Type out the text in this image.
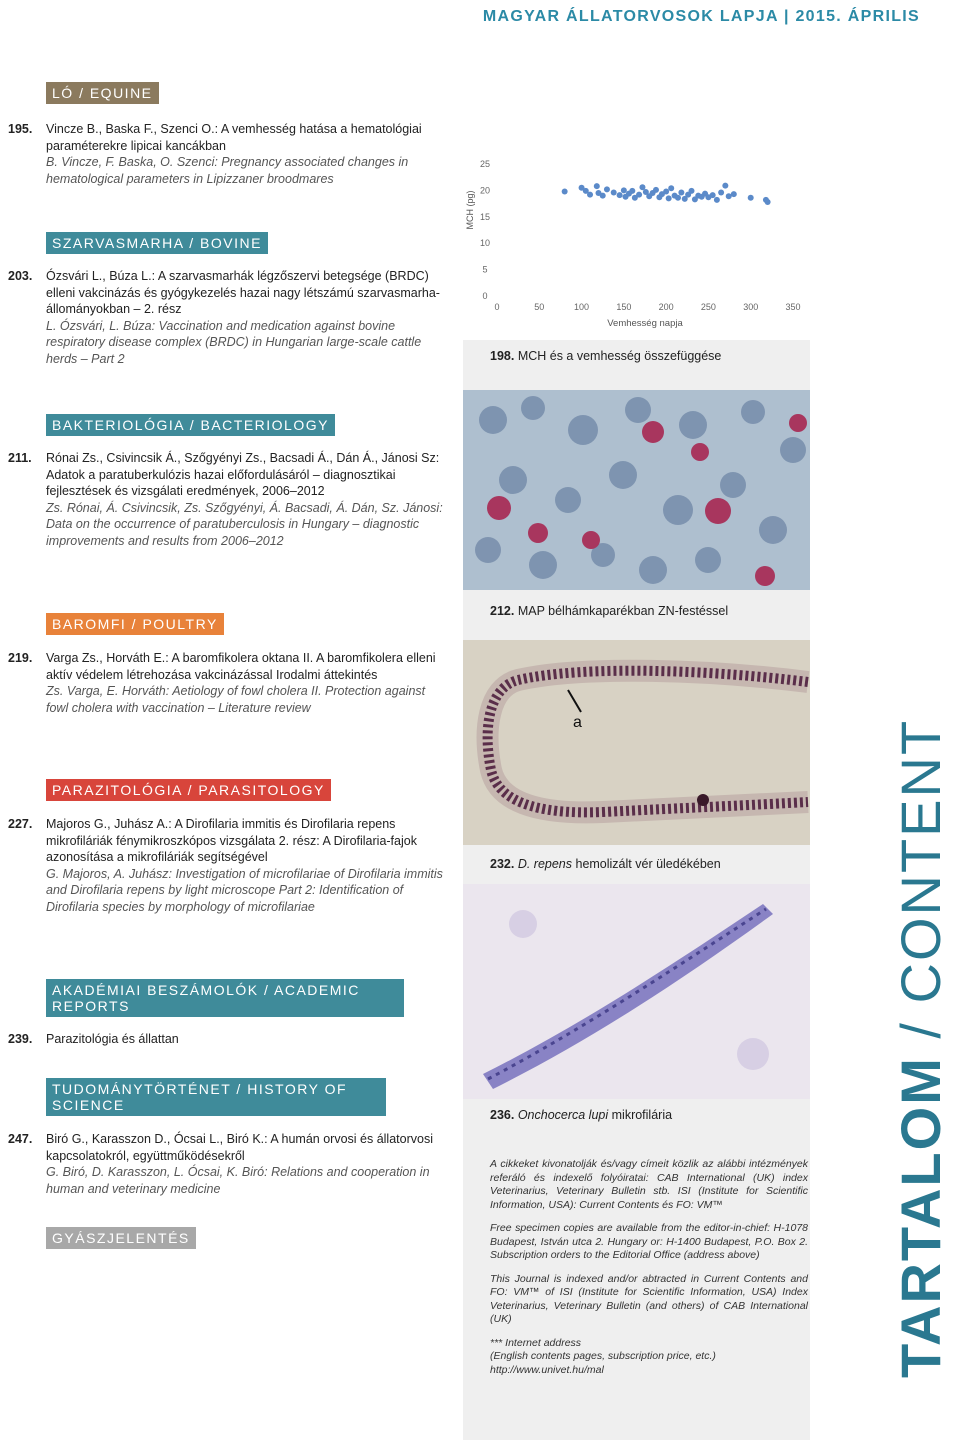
MAGYAR ÁLLATORVOSOK LAPJA | 2015. ÁPRILIS
LÓ / EQUINE
SZARVASMARHA / BOVINE
BAKTERIOLÓGIA / BACTERIOLOGY
BAROMFI / POULTRY
PARAZITOLÓGIA / PARASITOLOGY
AKADÉMIAI BESZÁMOLÓK / ACADEMIC REPORTS
TUDOMÁNYTÖRTÉNET / HISTORY OF SCIENCE
GYÁSZJELENTÉS
195. Vincze B., Baska F., Szenci O.: A vemhesség hatása a hematológiai paraméterekre lipicai kancákban
B. Vincze, F. Baska, O. Szenci: Pregnancy associated changes in hematological parameters in Lipizzaner broodmares
203. Ózsvári L., Búza L.: A szarvasmarhák légzőszervi betegsége (BRDC) elleni vakcinázás és gyógykezelés hazai nagy létszámú szarvasmarha-állományokban – 2. rész
L. Ózsvári, L. Búza: Vaccination and medication against bovine respiratory disease complex (BRDC) in Hungarian large-scale cattle herds – Part 2
211. Rónai Zs., Csivincsik Á., Szőgyényi Zs., Bacsadi Á., Dán Á., Jánosi Sz: Adatok a paratuberkulózis hazai előfordulásáról – diagnosztikai fejlesztések és vizsgálati eredmények, 2006–2012
Zs. Rónai, Á. Csivincsik, Zs. Szőgyényi, Á. Bacsadi, Á. Dán, Sz. Jánosi: Data on the occurrence of paratuberculosis in Hungary – diagnostic improvements and results from 2006–2012
219. Varga Zs., Horváth E.: A baromfikolera oktana II. A baromfikolera elleni aktív védelem létrehozása vakcinázással Irodalmi áttekintés
Zs. Varga, E. Horváth: Aetiology of fowl cholera II. Protection against fowl cholera with vaccination – Literature review
227. Majoros G., Juhász A.: A Dirofilaria immitis és Dirofilaria repens mikrofiláriák fénymikroszkópos vizsgálata 2. rész: A Dirofilaria-fajok azonosítása a mikrofiláriák segítségével
G. Majoros, A. Juhász: Investigation of microfilariae of Dirofilaria immitis and Dirofilaria repens by light microscope Part 2: Identification of Dirofilaria species by morphology of microfilariae
239. Parazitológia és állattan
247. Biró G., Karasszon D., Ócsai L., Biró K.: A humán orvosi és állatorvosi kapcsolatokról, együttműködésekről
G. Biró, D. Karasszon, L. Ócsai, K. Biró: Relations and cooperation in human and veterinary medicine
0
5
10
15
20
25
0	50	100	150	200	250	300	350
Vemhesség napja
MCH (pg)
198. MCH és a vemhesség összefüggése
212. MAP bélhámkaparékban ZN-festéssel
a
232. D. repens hemolizált vér üledékében
236. Onchocerca lupi mikrofilária

A cikkeket kivonatolják és/vagy címeit közlik az alábbi intézmények referáló és indexelő folyóiratai: CAB International (UK) index Veterinarius, Veterinary Bulletin stb. ISI (Institute for Scientific Information, USA): Current Contents és FO: VM™

Free specimen copies are available from the editor-in-chief: H-1078 Budapest, István utca 2. Hungary or: H-1400 Budapest, P.O. Box 2. Subscription orders to the Editorial Office (address above)

This Journal is indexed and/or abtracted in Current Contents and FO: VM™ of ISI (Institute for Scientific Information, USA) Index Veterinarius, Veterinary Bulletin (and others) of CAB International (UK)

*** Internet address
(English contents pages, subscription price, etc.)
http://www.univet.hu/mal	TARTALOM / CONTENT
